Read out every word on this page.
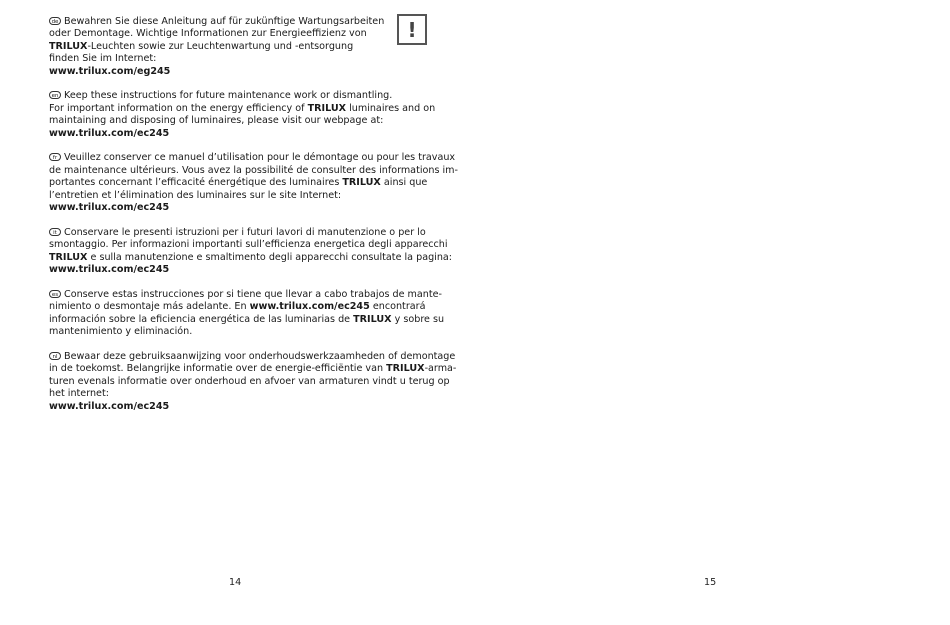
de Bewahren Sie diese Anleitung auf für zukünftige Wartungsarbeiten
oder Demontage. Wichtige Informationen zur Energieeffizienz von
TRILUX-Leuchten sowie zur Leuchtenwartung und -entsorgung
finden Sie im Internet:
www.trilux.com/eg245
en Keep these instructions for future maintenance work or dismantling.
For important information on the energy efficiency of TRILUX luminaires and on
maintaining and disposing of luminaires, please visit our webpage at:
www.trilux.com/ec245
fr Veuillez conserver ce manuel d’utilisation pour le démontage ou pour les travaux
de maintenance ultérieurs. Vous avez la possibilité de consulter des informations im-
portantes concernant l’efficacité énergétique des luminaires TRILUX ainsi que
l’entretien et l’élimination des luminaires sur le site Internet:
www.trilux.com/ec245
it Conservare le presenti istruzioni per i futuri lavori di manutenzione o per lo
smontaggio. Per informazioni importanti sull’efficienza energetica degli apparecchi
TRILUX e sulla manutenzione e smaltimento degli apparecchi consultate la pagina:
www.trilux.com/ec245
es Conserve estas instrucciones por si tiene que llevar a cabo trabajos de mante-
nimiento o desmontaje más adelante. En www.trilux.com/ec245 encontrará
información sobre la eficiencia energética de las luminarias de TRILUX y sobre su
mantenimiento y eliminación.
nl Bewaar deze gebruiksaanwijzing voor onderhoudswerkzaamheden of demontage
in de toekomst. Belangrijke informatie over de energie-efficiëntie van TRILUX-arma-
turen evenals informatie over onderhoud en afvoer van armaturen vindt u terug op
het internet:
www.trilux.com/ec245
!
14	15
